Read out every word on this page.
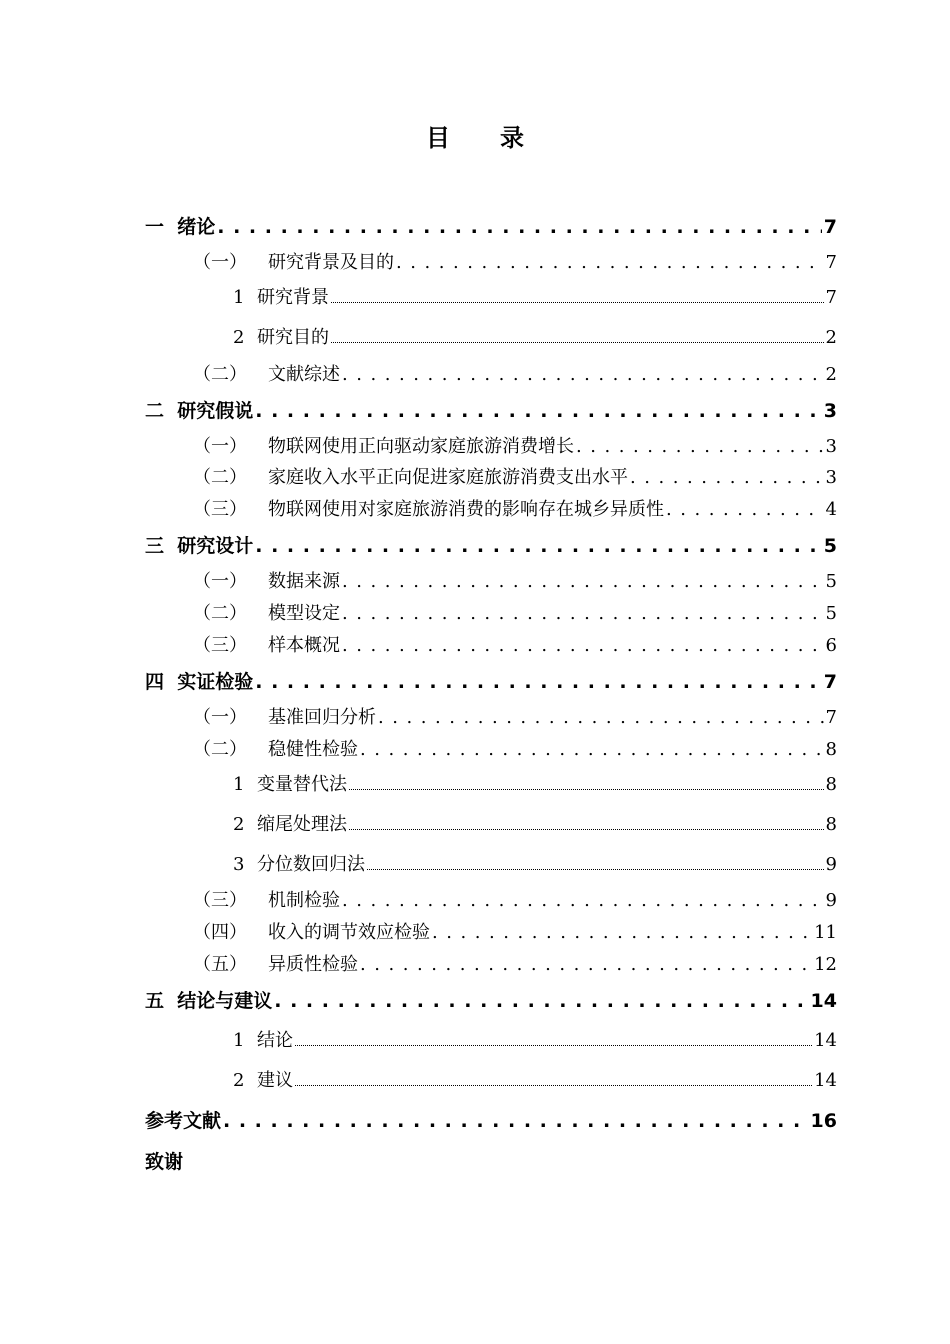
目 录
一 绪论 . . .	7
（一） 研究背景及目的 . . .	7
1 研究背景	7
2 研究目的	2
（二） 文献综述 . . .	2
二 研究假说 . . .	3
（一） 物联网使用正向驱动家庭旅游消费增长 . . .	3
（二） 家庭收入水平正向促进家庭旅游消费支出水平 . . .	3
（三） 物联网使用对家庭旅游消费的影响存在城乡异质性 . . .	4
三 研究设计 . . .	5
（一） 数据来源 . . .	5
（二） 模型设定 . . .	5
（三） 样本概况 . . .	6
四 实证检验 . . .	7
（一） 基准回归分析 . . .	7
（二） 稳健性检验 . . .	8
1 变量替代法	8
2 缩尾处理法	8
3 分位数回归法	9
（三） 机制检验 . . .	9
（四） 收入的调节效应检验 . . .	11
（五） 异质性检验 . . .	12
五 结论与建议 . . .	14
1 结论	14
2 建议	14
参考文献 . . .	16
致谢
